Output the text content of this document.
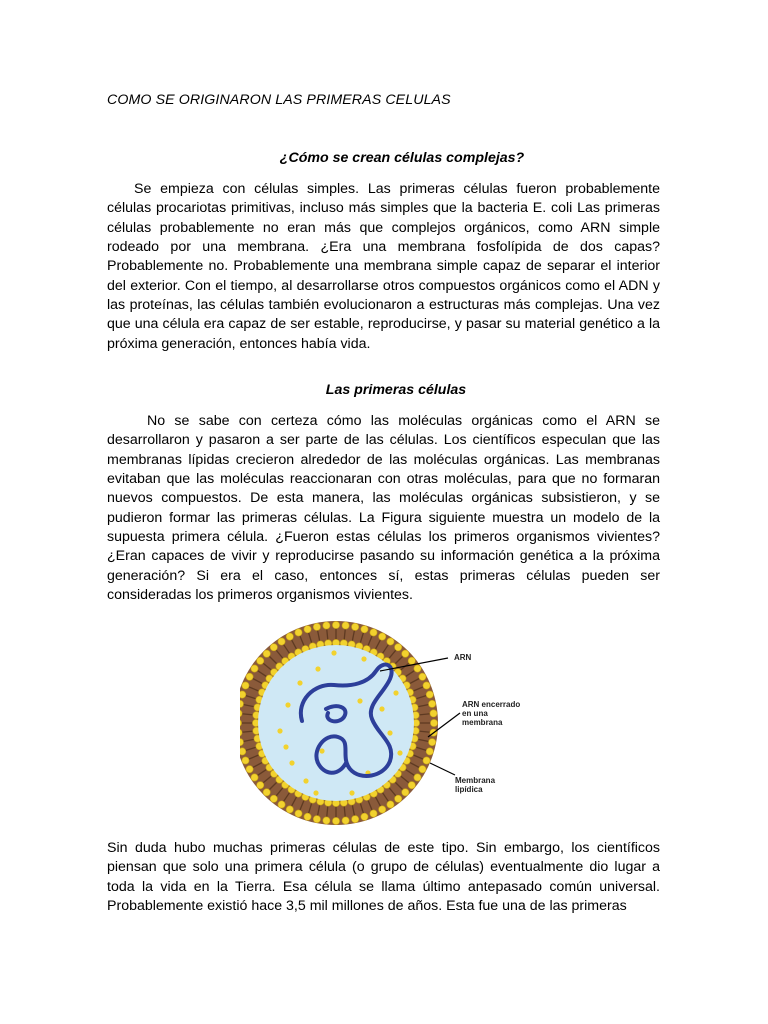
COMO SE ORIGINARON LAS PRIMERAS CELULAS
¿Cómo se crean células complejas?

Se empieza con células simples. Las primeras células fueron probablemente células procariotas primitivas, incluso más simples que la bacteria E. coli Las primeras células probablemente no eran más que complejos orgánicos, como ARN simple rodeado por una membrana. ¿Era una membrana fosfolípida de dos capas? Probablemente no. Probablemente una membrana simple capaz de separar el interior del exterior. Con el tiempo, al desarrollarse otros compuestos orgánicos como el ADN y las proteínas, las células también evolucionaron a estructuras más complejas. Una vez que una célula era capaz de ser estable, reproducirse, y pasar su material genético a la próxima generación, entonces había vida.

Las primeras células

No se sabe con certeza cómo las moléculas orgánicas como el ARN se desarrollaron y pasaron a ser parte de las células. Los científicos especulan que las membranas lípidas crecieron alrededor de las moléculas orgánicas. Las membranas evitaban que las moléculas reaccionaran con otras moléculas, para que no formaran nuevos compuestos. De esta manera, las moléculas orgánicas subsistieron, y se pudieron formar las primeras células. La Figura siguiente muestra un modelo de la supuesta primera célula. ¿Fueron estas células los primeros organismos vivientes? ¿Eran capaces de vivir y reproducirse pasando su información genética a la próxima generación? Si era el caso, entonces sí, estas primeras células pueden ser consideradas los primeros organismos vivientes.

ARN
ARN encerrado
en una
membrana
Membrana
lipídica

Sin duda hubo muchas primeras células de este tipo. Sin embargo, los científicos piensan que solo una primera célula (o grupo de células) eventualmente dio lugar a toda la vida en la Tierra. Esa célula se llama último antepasado común universal. Probablemente existió hace 3,5 mil millones de años. Esta fue una de las primeras
